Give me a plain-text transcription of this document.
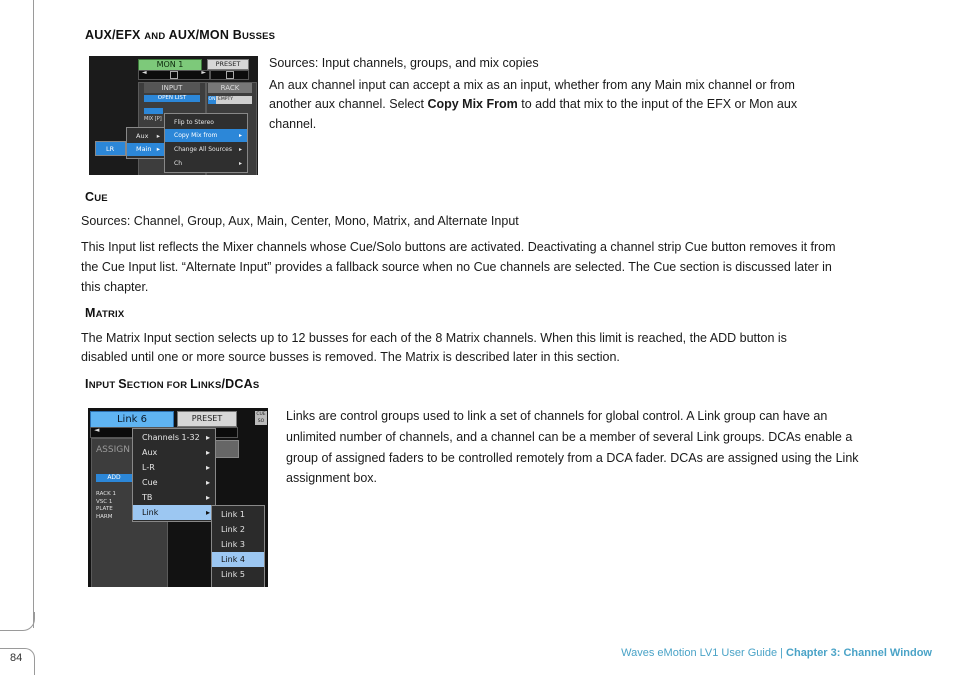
84
AUX/EFX AND AUX/MON BUSSES
MON 1	PRESET
◄	►
INPUT
OPEN LIST
RACK
ON EMPTY
MIX [P]
Aux ▸
Main ▸
LR
Flip to Stereo
Copy Mix from	▸
Change All Sources ▸
Ch	▸

Sources: Input channels, groups, and mix copies

An aux channel input can accept a mix as an input, whether from any Main mix channel or from

another aux channel. Select Copy Mix From to add that mix to the input of the EFX or Mon aux

channel.

CUE

Sources: Channel, Group, Aux, Main, Center, Mono, Matrix, and Alternate Input

This Input list reflects the Mixer channels whose Cue/Solo buttons are activated. Deactivating a channel strip Cue button removes it from

the Cue Input list. “Alternate Input” provides a fallback source when no Cue channels are selected. The Cue section is discussed later in

this chapter.

MATRIX

The Matrix Input section selects up to 12 busses for each of the 8 Matrix channels. When this limit is reached, the ADD button is

disabled until one or more source busses is removed. The Matrix is described later in this section.

INPUT SECTION FOR LINKS/DCAS
Link 6	PRESET	CUE SO
◄
ASSIGN
ADD
RACK 1
VSC 1
PLATE
HARM
Channels 1-32 ▸
Aux	▸
L-R	▸
Cue	▸
TB	▸
Link	▸	Link 1
Link 2
Link 3
Link 4
Link 5

Links are control groups used to link a set of channels for global control. A Link group can have an

unlimited number of channels, and a channel can be a member of several Link groups. DCAs enable a

group of assigned faders to be controlled remotely from a DCA fader. DCAs are assigned using the Link

assignment box.

Waves eMotion LV1 User Guide | Chapter 3: Channel Window
